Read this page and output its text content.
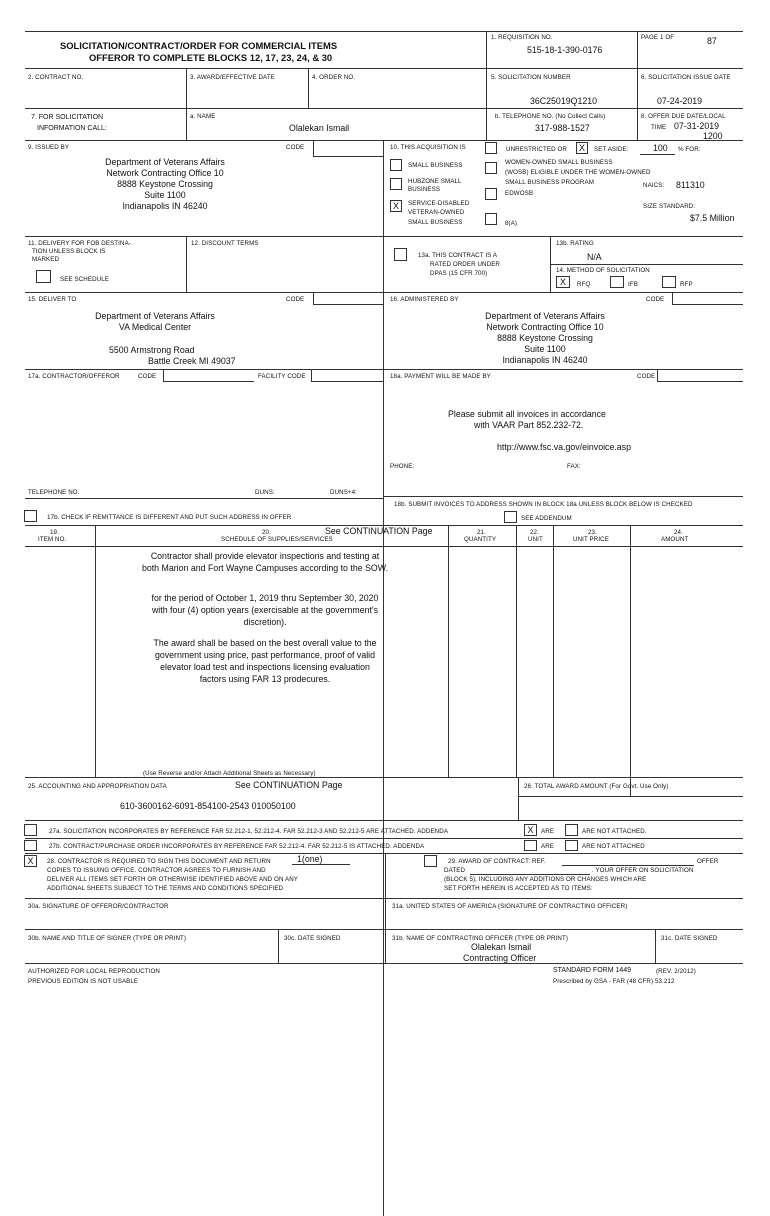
SOLICITATION/CONTRACT/ORDER FOR COMMERCIAL ITEMS
OFFEROR TO COMPLETE BLOCKS 12, 17, 23, 24, & 30
1. REQUISITION NO.
515-18-1-390-0176
PAGE 1 OF	87
2. CONTRACT NO.	3. AWARD/EFFECTIVE DATE	4. ORDER NO.	5. SOLICITATION NUMBER
36C25019Q1210
6. SOLICITATION ISSUE DATE
07-24-2019
7. FOR SOLICITATION
INFORMATION CALL:
a. NAME
Olalekan Ismail
b. TELEPHONE NO. (No Collect Calls)
317-988-1527
8. OFFER DUE DATE/LOCAL
TIME 07-31-2019
1200
9. ISSUED BY	CODE
Department of Veterans Affairs
Network Contracting Office 10
8888 Keystone Crossing
Suite 1100
Indianapolis IN 46240
10. THIS ACQUISITION IS	UNRESTRICTED OR	X	SET ASIDE:	100 % FOR:
SMALL BUSINESS
HUBZONE SMALL
BUSINESS
X	SERVICE-DISABLED
VETERAN-OWNED
SMALL BUSINESS
WOMEN-OWNED SMALL BUSINESS
(WOSB) ELIGIBLE UNDER THE WOMEN-OWNED
SMALL BUSINESS PROGRAM
EDWOSB
8(A)
NAICS: 811310
SIZE STANDARD:
$7.5 Million
11. DELIVERY FOR FOB DESTINA-
TION UNLESS BLOCK IS
MARKED
SEE SCHEDULE
12. DISCOUNT TERMS
13a. THIS CONTRACT IS A
RATED ORDER UNDER
DPAS (15 CFR 700)
13b. RATING
N/A
14. METHOD OF SOLICITATION
X	RFQ	IFB	RFP
15. DELIVER TO	CODE
Department of Veterans Affairs
VA Medical Center
5500 Armstrong Road
Battle Creek MI 49037
16. ADMINISTERED BY	CODE
Department of Veterans Affairs
Network Contracting Office 10
8888 Keystone Crossing
Suite 1100
Indianapolis IN 46240
17a. CONTRACTOR/OFFEROR	CODE	FACILITY CODE
TELEPHONE NO.	DUNS:	DUNS+4:
17b. CHECK IF REMITTANCE IS DIFFERENT AND PUT SUCH ADDRESS IN OFFER
18a. PAYMENT WILL BE MADE BY	CODE
Please submit all invoices in accordance
with VAAR Part 852.232-72.
http://www.fsc.va.gov/einvoice.asp
PHONE:	FAX:
18b. SUBMIT INVOICES TO ADDRESS SHOWN IN BLOCK 18a UNLESS BLOCK BELOW IS CHECKED
SEE ADDENDUM
19.
ITEM NO.
20.
SCHEDULE OF SUPPLIES/SERVICES
See CONTINUATION Page	21.
QUANTITY
22.
UNIT
23.
UNIT PRICE
24.
AMOUNT
Contractor shall provide elevator inspections and testing at
both Marion and Fort Wayne Campuses according to the SOW.
for the period of October 1, 2019 thru September 30, 2020
with four (4) option years (exercisable at the government's
discretion).
The award shall be based on the best overall value to the
government using price, past performance, proof of valid
elevator load test and inspections licensing evaluation
factors using FAR 13 prodecures.
(Use Reverse and/or Attach Additional Sheets as Necessary)
25. ACCOUNTING AND APPROPRIATION DATA	See CONTINUATION Page
610-3600162-6091-854100-2543 010050100
26. TOTAL AWARD AMOUNT (For Govt. Use Only)
27a. SOLICITATION INCORPORATES BY REFERENCE FAR 52.212-1, 52.212-4. FAR 52.212-3 AND 52.212-5 ARE ATTACHED. ADDENDA	X	ARE	ARE NOT ATTACHED.
27b. CONTRACT/PURCHASE ORDER INCORPORATES BY REFERENCE FAR 52.212-4. FAR 52.212-5 IS ATTACHED. ADDENDA	ARE	ARE NOT ATTACHED
X	28. CONTRACTOR IS REQUIRED TO SIGN THIS DOCUMENT AND RETURN	1(one)
COPIES TO ISSUING OFFICE. CONTRACTOR AGREES TO FURNISH AND
DELIVER ALL ITEMS SET FORTH OR OTHERWISE IDENTIFIED ABOVE AND ON ANY
ADDITIONAL SHEETS SUBJECT TO THE TERMS AND CONDITIONS SPECIFIED
29. AWARD OF CONTRACT: REF.	OFFER
DATED	. YOUR OFFER ON SOLICITATION
(BLOCK 5), INCLUDING ANY ADDITIONS OR CHANGES WHICH ARE
SET FORTH HEREIN IS ACCEPTED AS TO ITEMS:
30a. SIGNATURE OF OFFEROR/CONTRACTOR	31a. UNITED STATES OF AMERICA (SIGNATURE OF CONTRACTING OFFICER)
30b. NAME AND TITLE OF SIGNER (TYPE OR PRINT)	30c. DATE SIGNED	31b. NAME OF CONTRACTING OFFICER (TYPE OR PRINT)
Olalekan Ismail
Contracting Officer
31c. DATE SIGNED
AUTHORIZED FOR LOCAL REPRODUCTION
PREVIOUS EDITION IS NOT USABLE
STANDARD FORM 1449	(REV. 2/2012)
Prescribed by GSA - FAR (48 CFR) 53.212
